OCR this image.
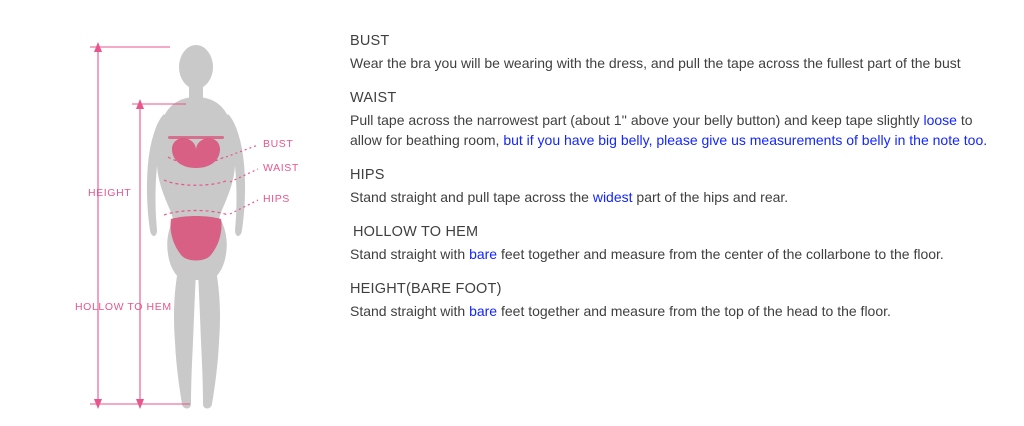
BUST
WAIST
HIPS
HEIGHT
HOLLOW TO HEM

BUST

Wear the bra you will be wearing with the dress, and pull the tape across the fullest part of the bust

WAIST

Pull tape across the narrowest part (about 1'' above your belly button) and keep tape slightly loose to allow for beathing room, but if you have big belly, please give us measurements of belly in the note too.

HIPS

Stand straight and pull tape across the widest part of the hips and rear.

HOLLOW TO HEM

Stand straight with bare feet together and measure from the center of the collarbone to the floor.

HEIGHT(BARE FOOT)

Stand straight with bare feet together and measure from the top of the head to the floor.
